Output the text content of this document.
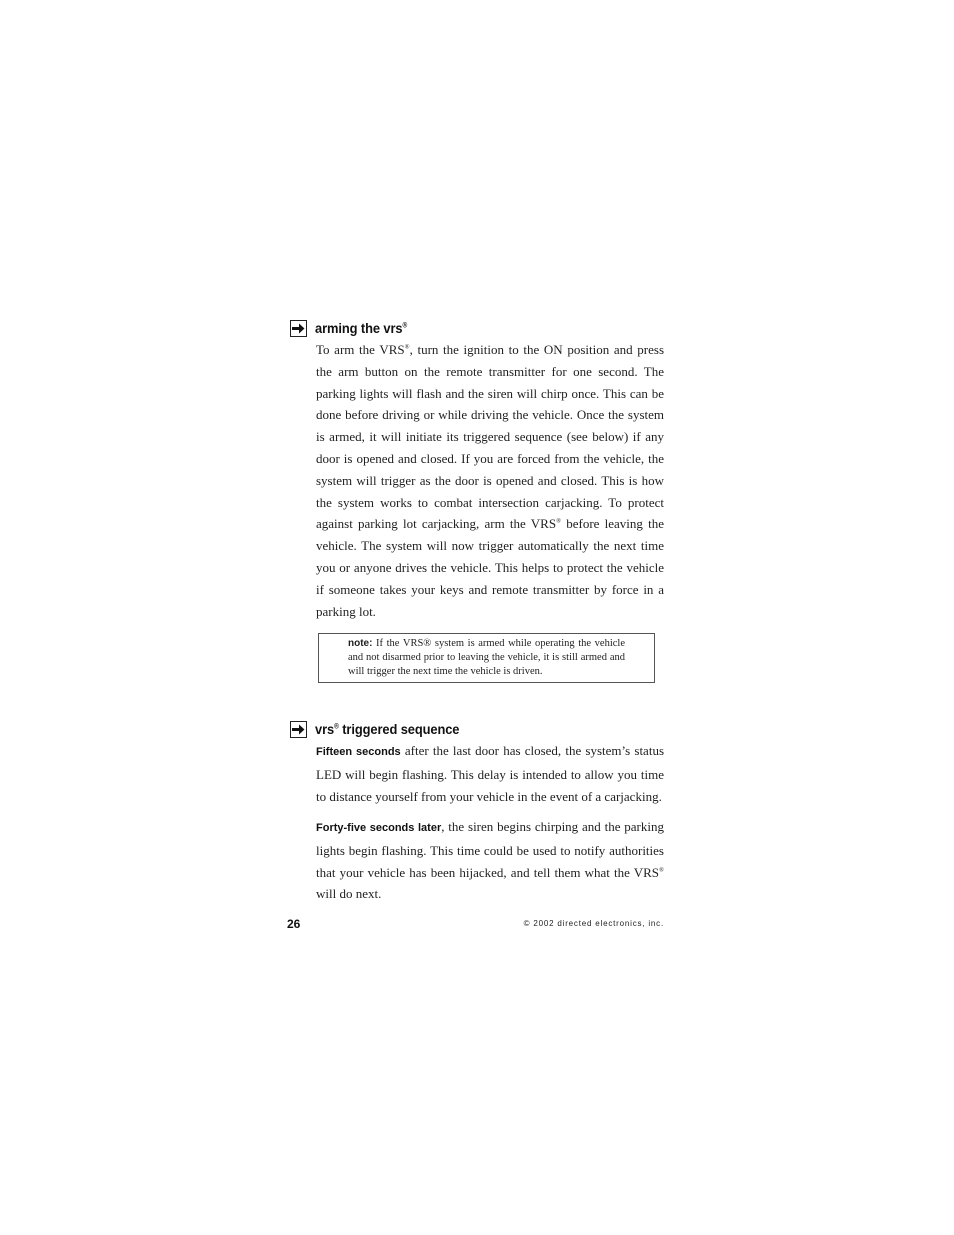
arming the vrs®
To arm the VRS®, turn the ignition to the ON position and press the arm button on the remote transmitter for one second. The parking lights will flash and the siren will chirp once. This can be done before driving or while driving the vehicle. Once the system is armed, it will initiate its triggered sequence (see below) if any door is opened and closed. If you are forced from the vehicle, the system will trigger as the door is opened and closed. This is how the system works to combat intersection carjacking. To protect against parking lot carjacking, arm the VRS® before leaving the vehicle. The system will now trigger automatically the next time you or anyone drives the vehicle. This helps to protect the vehicle if someone takes your keys and remote transmitter by force in a parking lot.
note: If the VRS® system is armed while operating the vehicle and not disarmed prior to leaving the vehicle, it is still armed and will trigger the next time the vehicle is driven.
vrs® triggered sequence
Fifteen seconds after the last door has closed, the system’s status LED will begin flashing. This delay is intended to allow you time to distance yourself from your vehicle in the event of a carjacking.
Forty-five seconds later, the siren begins chirping and the parking lights begin flashing. This time could be used to notify authorities that your vehicle has been hijacked, and tell them what the VRS® will do next.
26	© 2002 directed electronics, inc.
